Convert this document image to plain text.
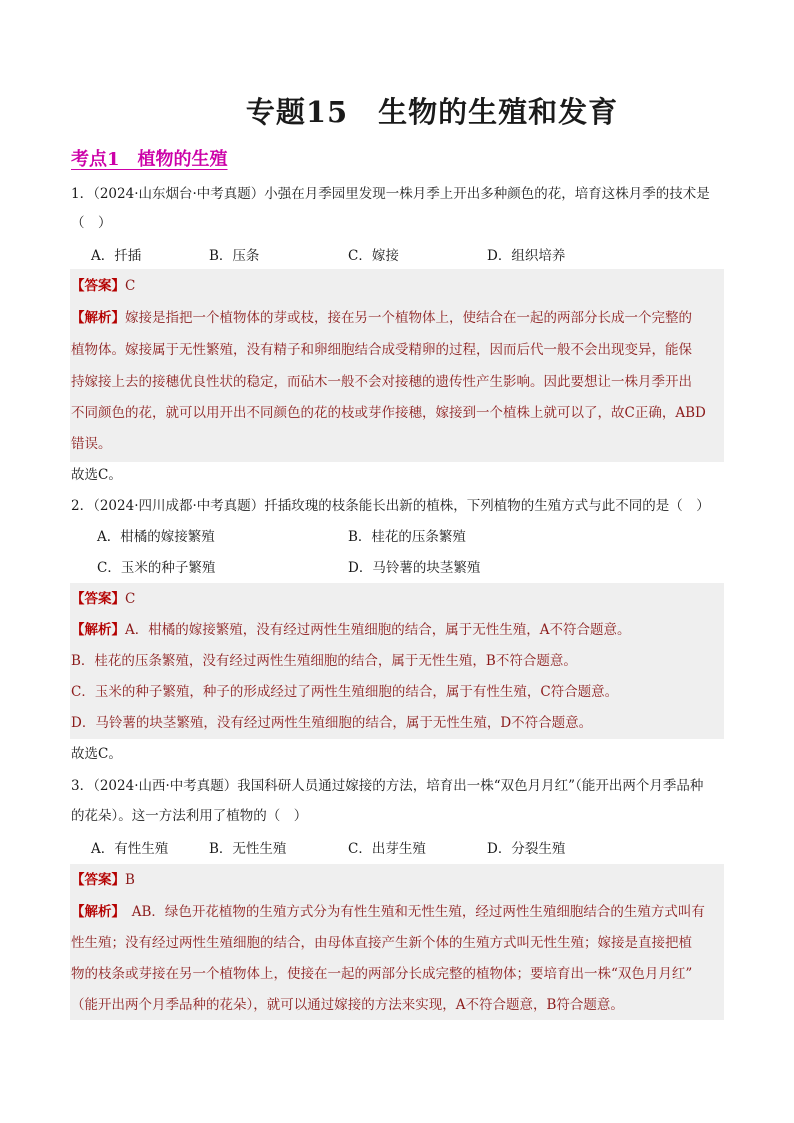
专题15　生物的生殖和发育
考点1　植物的生殖
1．（2024·山东烟台·中考真题）小强在月季园里发现一株月季上开出多种颜色的花，培育这株月季的技术是
（　）
A．扦插	B．压条	C．嫁接	D．组织培养
【答案】C
【解析】嫁接是指把一个植物体的芽或枝，接在另一个植物体上，使结合在一起的两部分长成一个完整的
植物体。嫁接属于无性繁殖，没有精子和卵细胞结合成受精卵的过程，因而后代一般不会出现变异，能保
持嫁接上去的接穗优良性状的稳定，而砧木一般不会对接穗的遗传性产生影响。因此要想让一株月季开出
不同颜色的花，就可以用开出不同颜色的花的枝或芽作接穗，嫁接到一个植株上就可以了，故C正确，ABD
错误。
故选C。
2．（2024·四川成都·中考真题）扦插玫瑰的枝条能长出新的植株，下列植物的生殖方式与此不同的是（　）
A．柑橘的嫁接繁殖	B．桂花的压条繁殖
C．玉米的种子繁殖	D．马铃薯的块茎繁殖
【答案】C
【解析】A．柑橘的嫁接繁殖，没有经过两性生殖细胞的结合，属于无性生殖，A不符合题意。
B．桂花的压条繁殖，没有经过两性生殖细胞的结合，属于无性生殖，B不符合题意。
C．玉米的种子繁殖，种子的形成经过了两性生殖细胞的结合，属于有性生殖，C符合题意。
D．马铃薯的块茎繁殖，没有经过两性生殖细胞的结合，属于无性生殖，D不符合题意。
故选C。
3．（2024·山西·中考真题）我国科研人员通过嫁接的方法，培育出一株“双色月月红”（能开出两个月季品种
的花朵）。这一方法利用了植物的（　）
A．有性生殖	B．无性生殖	C．出芽生殖	D．分裂生殖
【答案】B
【解析】　AB．绿色开花植物的生殖方式分为有性生殖和无性生殖，经过两性生殖细胞结合的生殖方式叫有
性生殖；没有经过两性生殖细胞的结合，由母体直接产生新个体的生殖方式叫无性生殖；嫁接是直接把植
物的枝条或芽接在另一个植物体上，使接在一起的两部分长成完整的植物体；要培育出一株“双色月月红”
（能开出两个月季品种的花朵），就可以通过嫁接的方法来实现，A不符合题意，B符合题意。
